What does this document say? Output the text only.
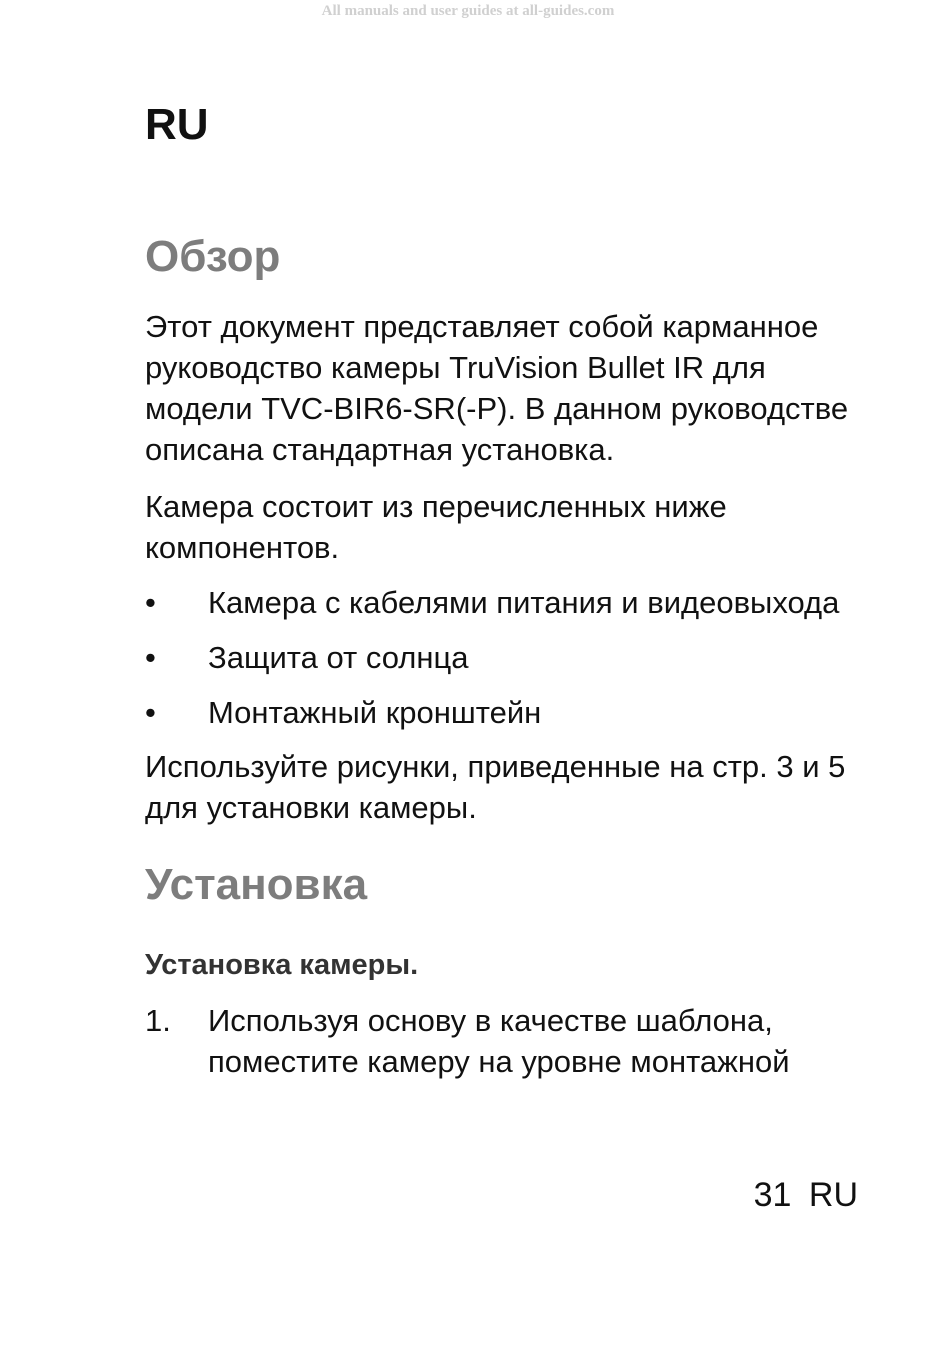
All manuals and user guides at all-guides.com
RU
Обзор

Этот документ представляет собой карманное руководство камеры TruVision Bullet IR для модели TVC-BIR6-SR(-P). В данном руководстве описана стандартная установка.

Камера состоит из перечисленных ниже компонентов.

•	Камера с кабелями питания и видеовыхода
•	Защита от солнца
•	Монтажный кронштейн

Используйте рисунки, приведенные на стр. 3 и 5 для установки камеры.

Установка
Установка камеры.
1.	Используя основу в качестве шаблона, поместите камеру на уровне монтажной
31 RU
